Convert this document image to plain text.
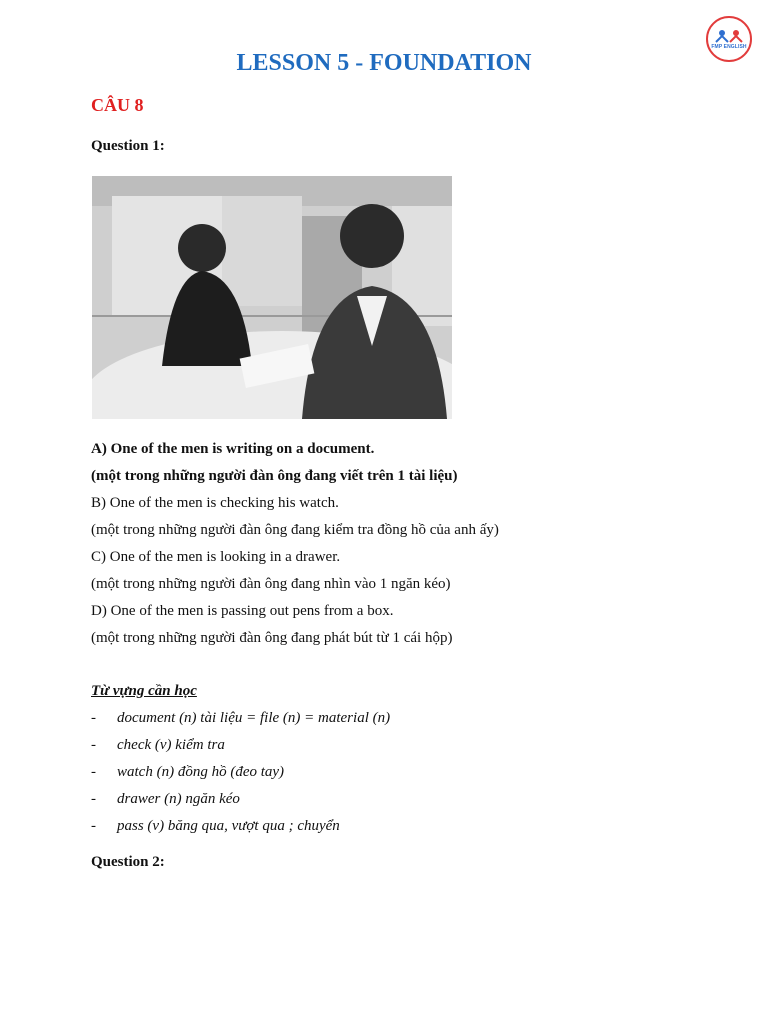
FMP ENGLISH
LESSON 5 - FOUNDATION
CÂU 8
Question 1:
A) One of the men is writing on a document.
(một trong những người đàn ông đang viết trên 1 tài liệu)
B) One of the men is checking his watch.
(một trong những người đàn ông đang kiểm tra đồng hồ của anh ấy)
C) One of the men is looking in a drawer.
(một trong những người đàn ông đang nhìn vào 1 ngăn kéo)
D) One of the men is passing out pens from a box.
(một trong những người đàn ông đang phát bút từ 1 cái hộp)
Từ vựng cần học
- document (n) tài liệu = file (n) = material (n)
- check (v) kiểm tra
- watch (n) đồng hồ (đeo tay)
- drawer (n) ngăn kéo
- pass (v) băng qua, vượt qua ; chuyển
Question 2:
